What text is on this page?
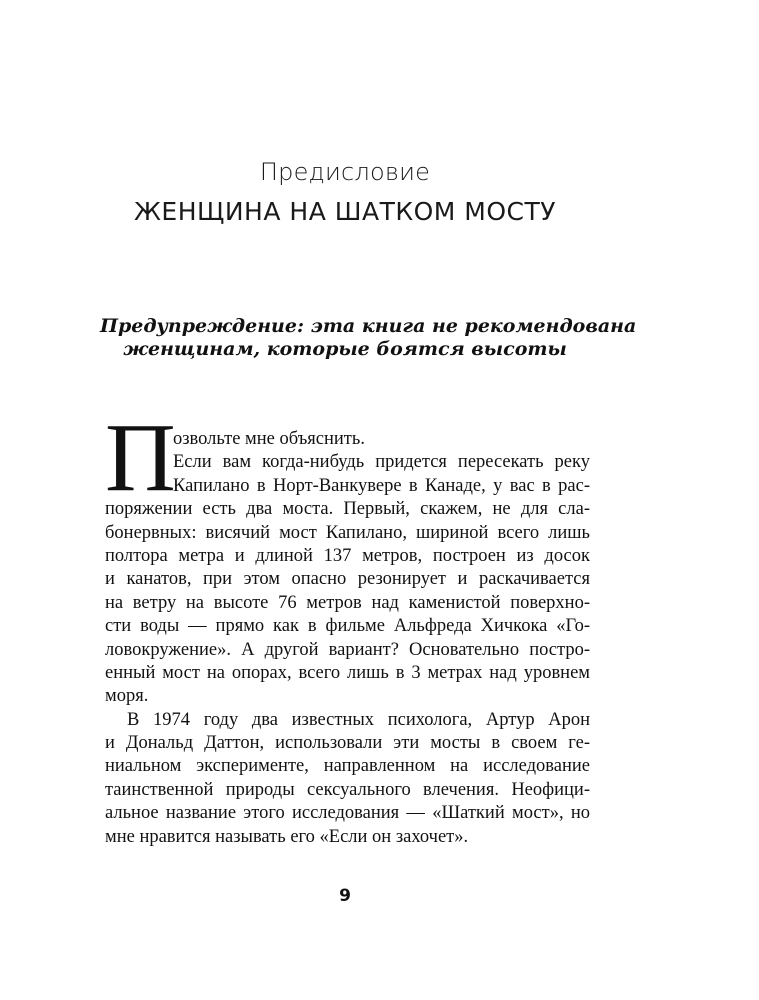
Предисловие
ЖЕНЩИНА НА ШАТКОМ МОСТУ
Предупреждение: эта книга не рекомендована
женщинам, которые боятся высоты
П
озвольте мне объяснить.
Если вам когда-нибудь придется пересекать реку
Капилано в Норт-Ванкувере в Канаде, у вас в рас-
поряжении есть два моста. Первый, скажем, не для сла-
бонервных: висячий мост Капилано, шириной всего лишь
полтора метра и длиной 137 метров, построен из досок
и канатов, при этом опасно резонирует и раскачивается
на ветру на высоте 76 метров над каменистой поверхно-
сти воды — прямо как в фильме Альфреда Хичкока «Го-
ловокружение». А другой вариант? Основательно постро-
енный мост на опорах, всего лишь в 3 метрах над уровнем
моря.
В 1974 году два известных психолога, Артур Арон
и Дональд Даттон, использовали эти мосты в своем ге-
ниальном эксперименте, направленном на исследование
таинственной природы сексуального влечения. Неофици-
альное название этого исследования — «Шаткий мост», но
мне нравится называть его «Если он захочет».
9
